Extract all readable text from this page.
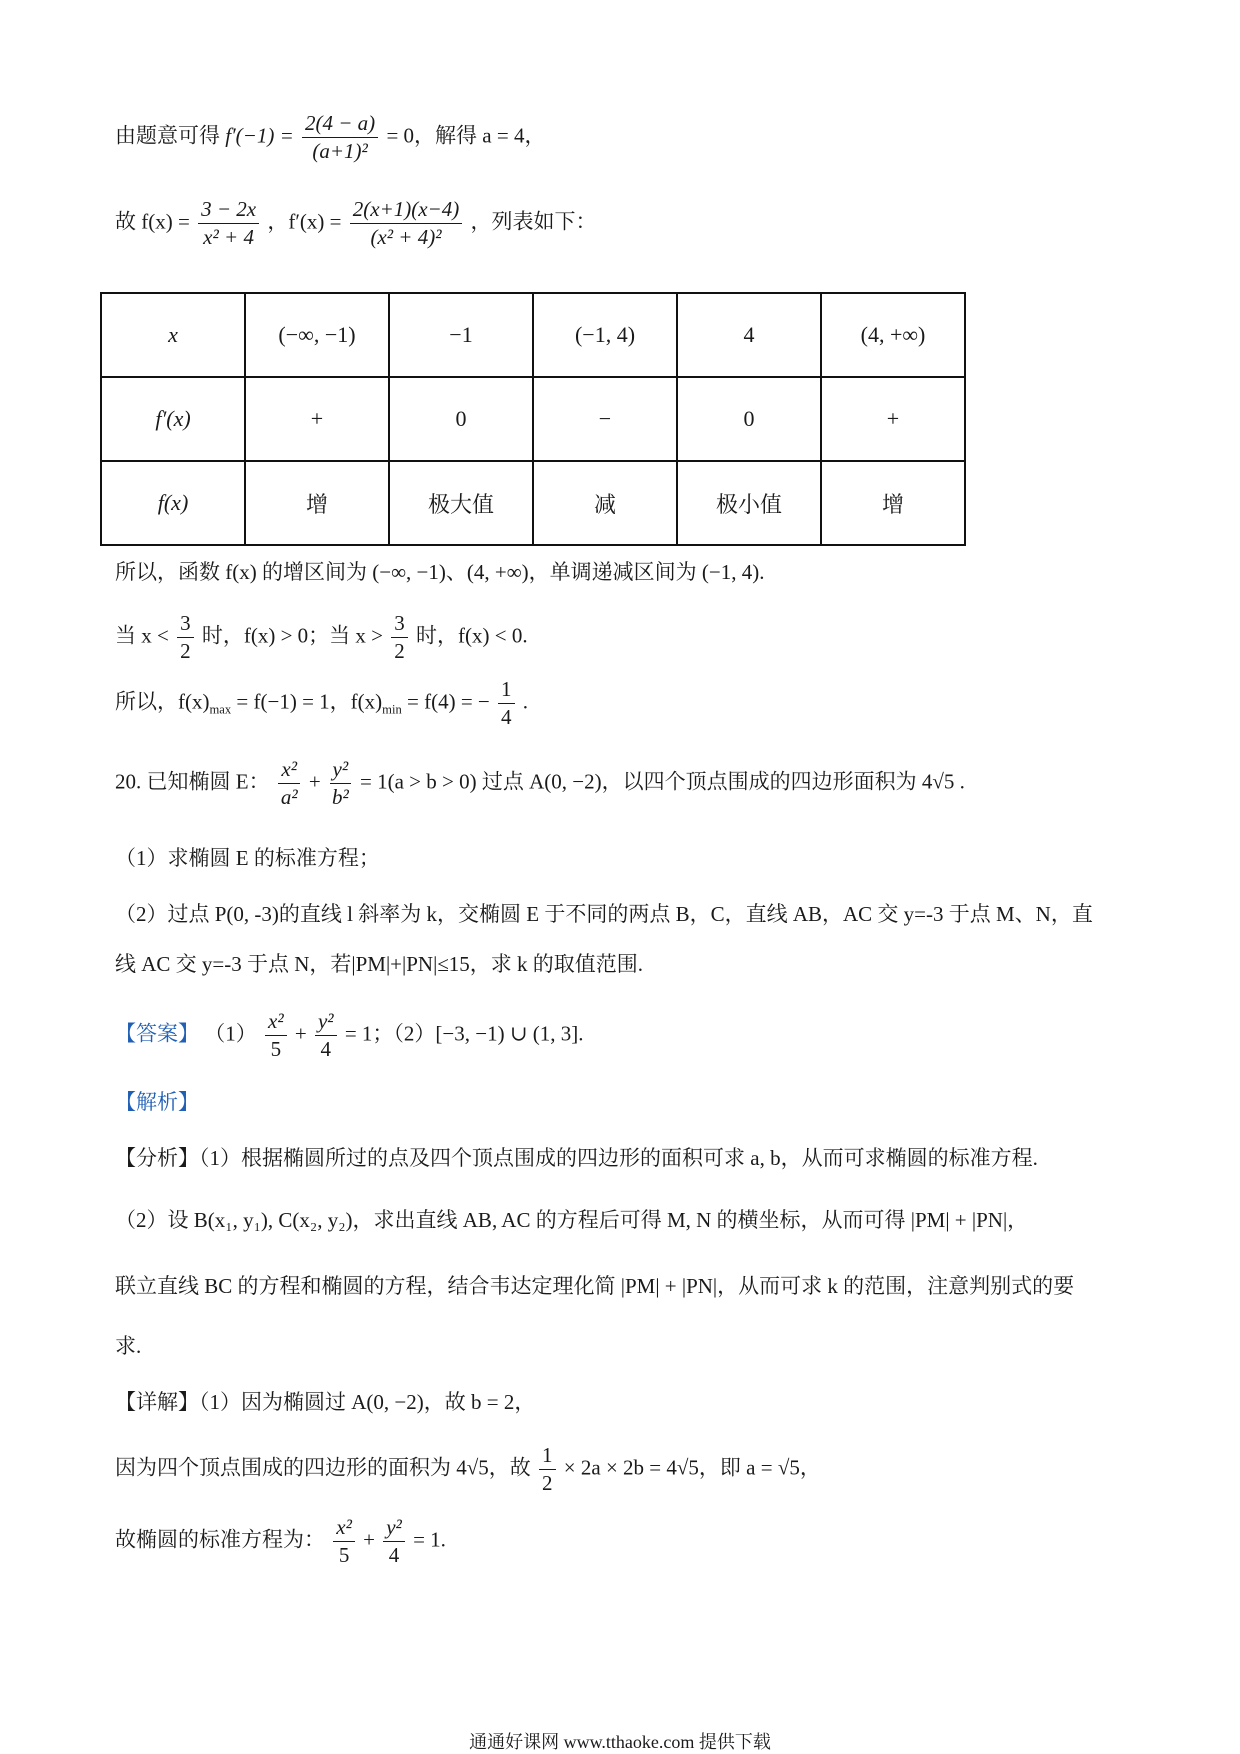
由题意可得 $f'(-1) = \frac{2(4 - a)}{\text{(a+1)²}} = 0$，解得 a = 4，
故 $f(x) = \frac{3 - 2x}{\text{x² + 4}}$ ，$f'(x) = \frac{2(x+1)(x-4)}{\text{(x² + 4)²}}$ ，列表如下：
x	(−∞, −1)	−1	(−1, 4)	4	(4, +∞)
f′(x)	+	0	−	0	+
f(x)	增	极大值	减	极小值	增
所以，函数 f(x) 的增区间为 (−∞, −1)、(4, +∞)，单调递减区间为 (−1, 4).
当 $x < \frac{3}{2}$ 时，f(x) > 0；当 $x > \frac{3}{2}$ 时，f(x) < 0.
所以，$f(x)_{max} = f(-1) = 1$，$f(x)_{min} = f(4)$ = − $\frac{1}{4}$ .
20. 已知椭圆 E： $\frac{\text{x²}}{\text{a²}} + \frac{\text{y²}}{\text{b²}} = 1(a > b > 0)$ 过点 A(0, −2)，以四个顶点围成的四边形面积为 4√5 .
（1）求椭圆 E 的标准方程；
（2）过点 P(0, -3)的直线 l 斜率为 k，交椭圆 E 于不同的两点 B，C，直线 AB，AC 交 y=-3 于点 M、N，直
线 AC 交 y=-3 于点 N，若|PM|+|PN|≤15，求 k 的取值范围.
【答案】 $(1) \frac{\text{x²}}{5} + \frac{\text{y²}}{4} = 1$；（2）[−3, −1) ∪ (1, 3].
【解析】
【分析】（1）根据椭圆所过的点及四个顶点围成的四边形的面积可求 a, b，从而可求椭圆的标准方程.
（2）设 B(x₁, y₁), C(x₂, y₂)，求出直线 AB, AC 的方程后可得 M, N 的横坐标，从而可得 |PM| + |PN|，
联立直线 BC 的方程和椭圆的方程，结合韦达定理化简 |PM| + |PN|，从而可求 k 的范围，注意判别式的要
求.
【详解】（1）因为椭圆过 A(0, −2)，故 b = 2，
因为四个顶点围成的四边形的面积为 4√5，故 $\frac{1}{2} \times 2a \times 2b = 4√5$，即 a = √5，
故椭圆的标准方程为： $\frac{\text{x²}}{5} + \frac{\text{y²}}{4} = 1$.
通通好课网 www.tthaoke.com 提供下载
